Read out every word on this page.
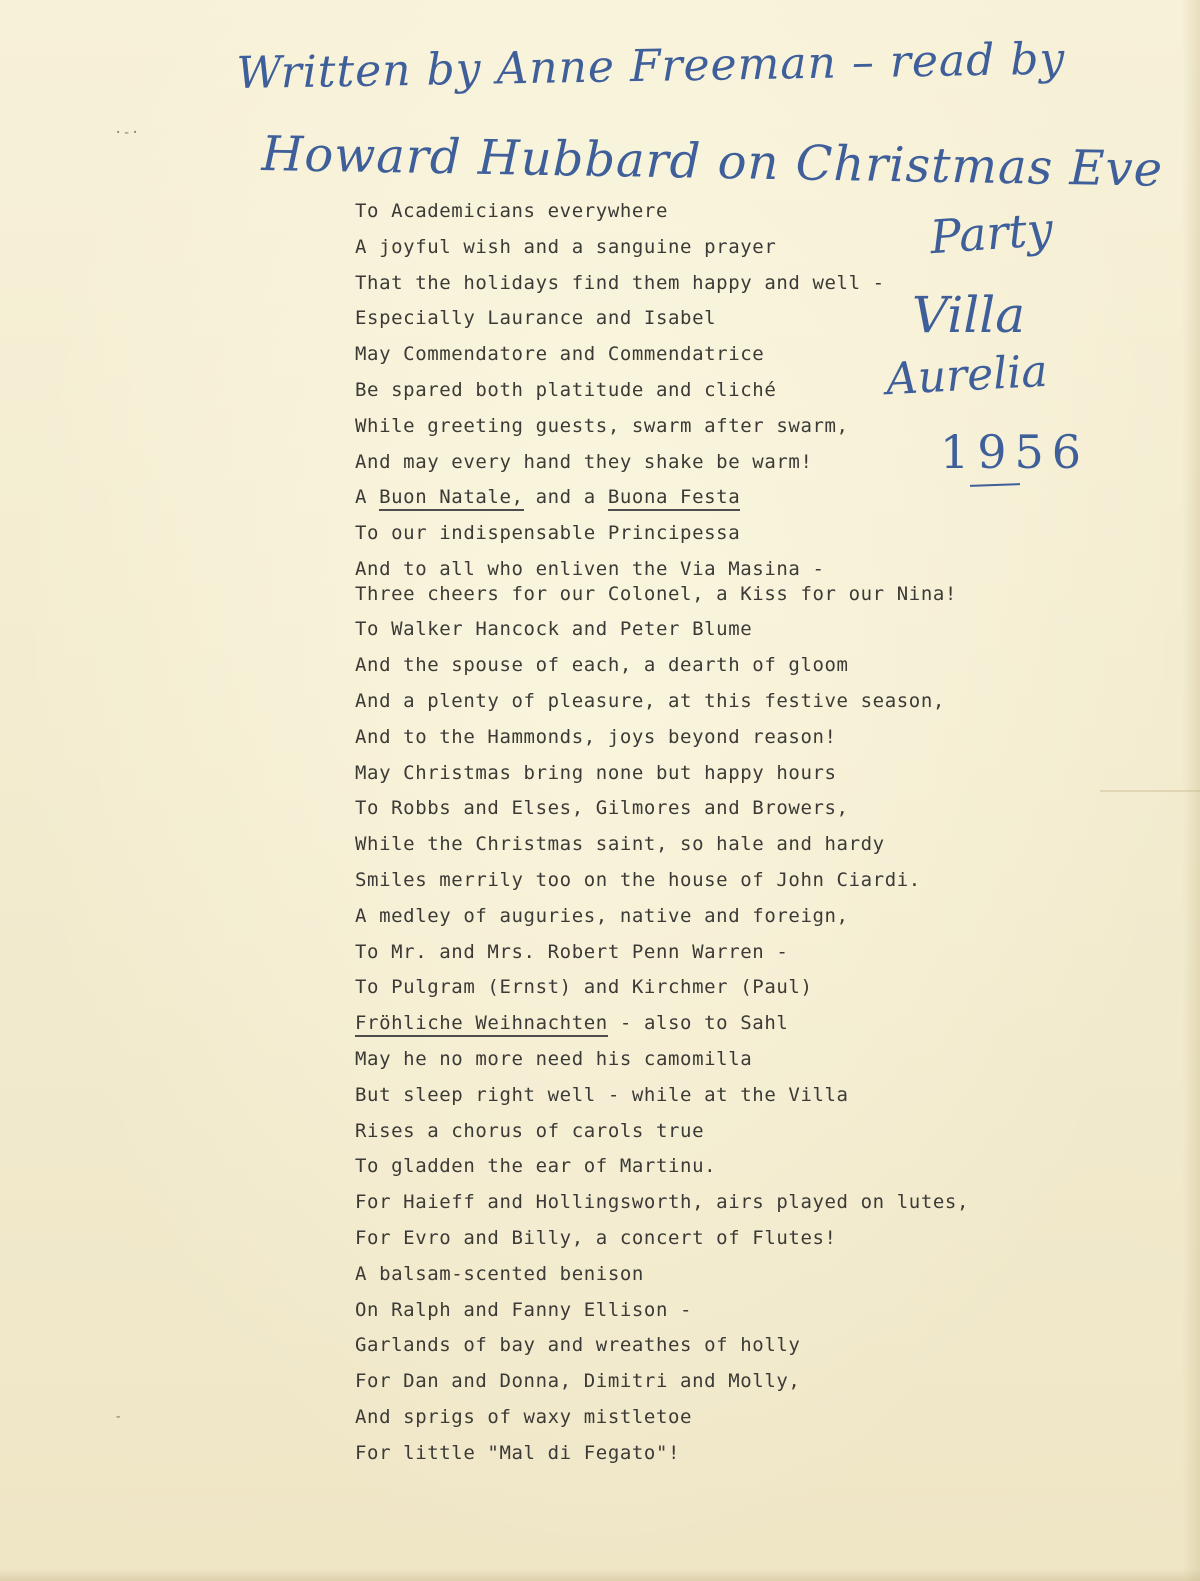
·-·
-
Written by Anne Freeman – read by
Howard Hubbard on Christmas Eve
Party
Villa
Aurelia
1956
To Academicians everywhere
A joyful wish and a sanguine prayer
That the holidays find them happy and well -
Especially Laurance and Isabel
May Commendatore and Commendatrice
Be spared both platitude and cliché
While greeting guests, swarm after swarm,
And may every hand they shake be warm!
A Buon Natale, and a Buona Festa
To our indispensable Principessa
And to all who enliven the Via Masina -
Three cheers for our Colonel, a Kiss for our Nina!
To Walker Hancock and Peter Blume
And the spouse of each, a dearth of gloom
And a plenty of pleasure, at this festive season,
And to the Hammonds, joys beyond reason!
May Christmas bring none but happy hours
To Robbs and Elses, Gilmores and Browers,
While the Christmas saint, so hale and hardy
Smiles merrily too on the house of John Ciardi.
A medley of auguries, native and foreign,
To Mr. and Mrs. Robert Penn Warren -
To Pulgram (Ernst) and Kirchmer (Paul)
Fröhliche Weihnachten - also to Sahl
May he no more need his camomilla
But sleep right well - while at the Villa
Rises a chorus of carols true
To gladden the ear of Martinu.
For Haieff and Hollingsworth, airs played on lutes,
For Evro and Billy, a concert of Flutes!
A balsam-scented benison
On Ralph and Fanny Ellison -
Garlands of bay and wreathes of holly
For Dan and Donna, Dimitri and Molly,
And sprigs of waxy mistletoe
For little "Mal di Fegato"!
